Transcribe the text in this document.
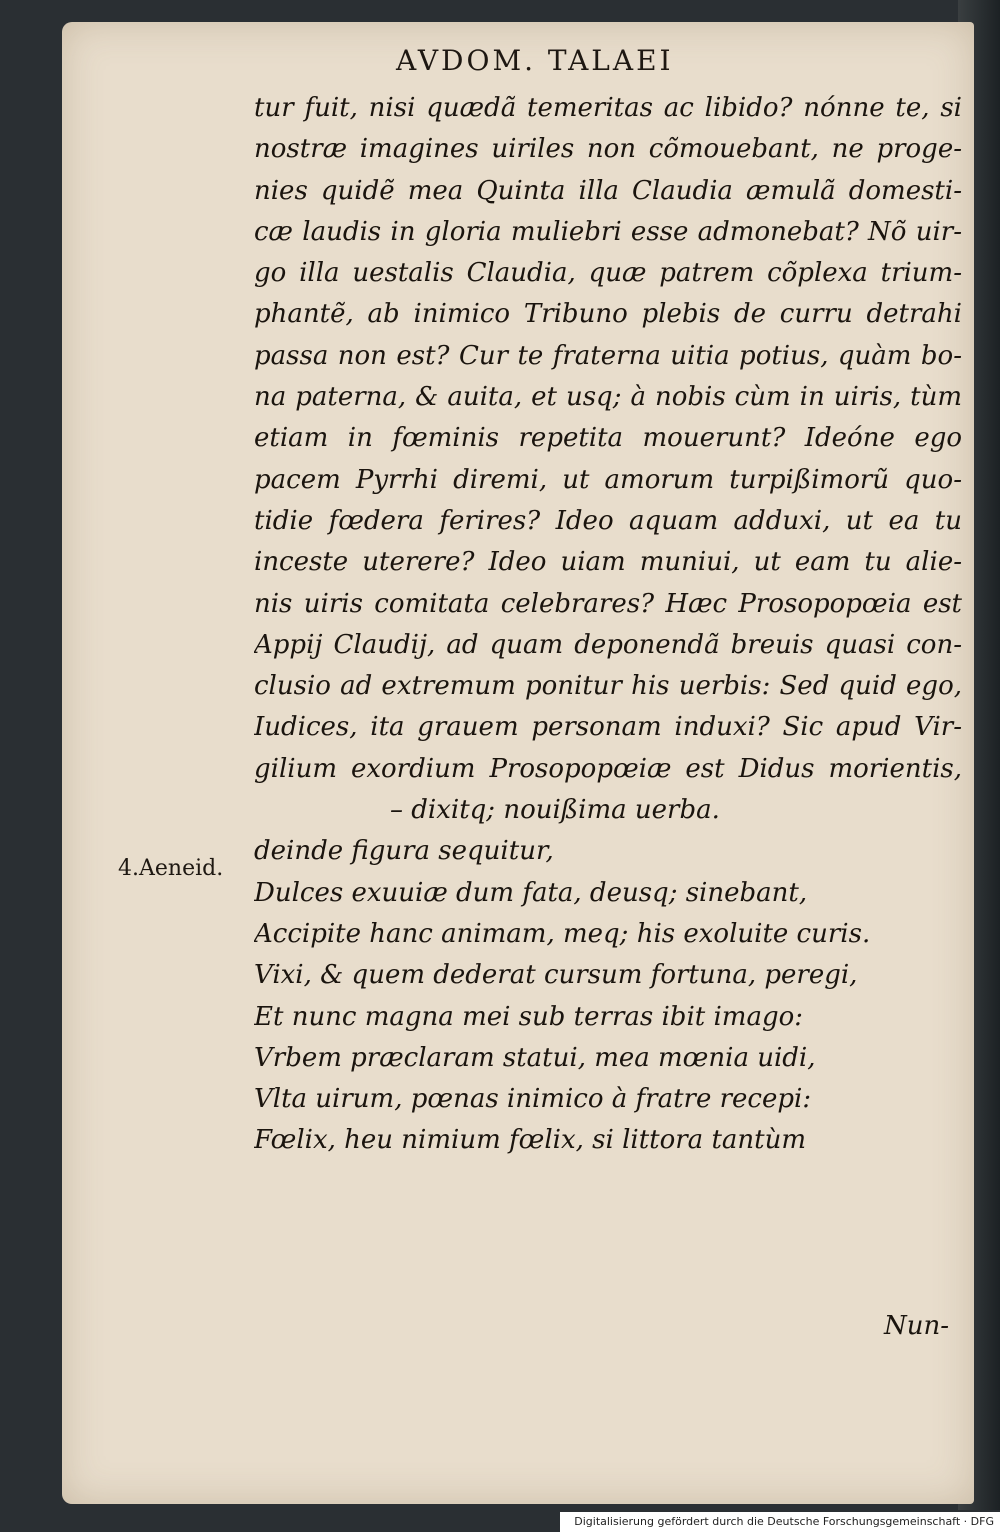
AVDOM. TALAEI
tur fuit, nisi quædã temeritas ac libido? nónne te, si
nostræ imagines uiriles non cõmouebant, ne proge-
nies quidẽ mea Quinta illa Claudia æmulã domesti-
cæ laudis in gloria muliebri esse admonebat? Nõ uir-
go illa uestalis Claudia, quæ patrem cõplexa trium-
phantẽ, ab inimico Tribuno plebis de curru detrahi
passa non est? Cur te fraterna uitia potius, quàm bo-
na paterna, & auita, et usq; à nobis cùm in uiris, tùm
etiam in fœminis repetita mouerunt? Ideóne ego
pacem Pyrrhi diremi, ut amorum turpißimorũ quo-
tidie fœdera ferires? Ideo aquam adduxi, ut ea tu
inceste uterere? Ideo uiam muniui, ut eam tu alie-
nis uiris comitata celebrares? Hæc Prosopopœia est
Appij Claudij, ad quam deponendã breuis quasi con-
clusio ad extremum ponitur his uerbis: Sed quid ego,
Iudices, ita grauem personam induxi? Sic apud Vir-
gilium exordium Prosopopœiæ est Didus morientis,
– dixitq; nouißima uerba.
deinde figura sequitur,
Dulces exuuiæ dum fata, deusq; sinebant,
Accipite hanc animam, meq; his exoluite curis.
Vixi, & quem dederat cursum fortuna, peregi,
Et nunc magna mei sub terras ibit imago:
Vrbem præclaram statui, mea mœnia uidi,
Vlta uirum, pœnas inimico à fratre recepi:
Fœlix, heu nimium fœlix, si littora tantùm
4.Aeneid.
Nun-
Digitalisierung gefördert durch die Deutsche Forschungsgemeinschaft · DFG
